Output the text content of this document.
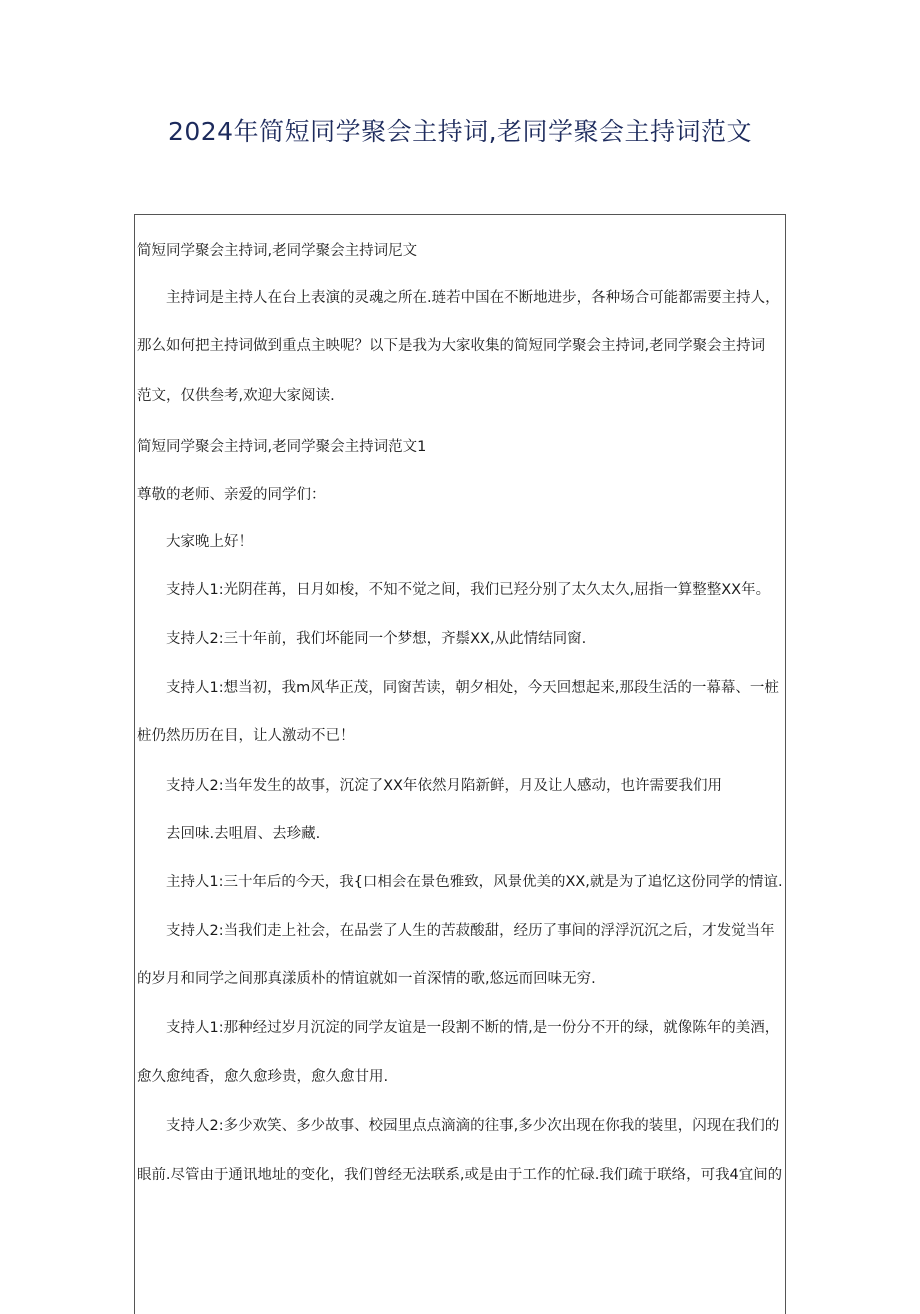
2024年简短同学聚会主持词,老同学聚会主持词范文
简短同学聚会主持词,老同学聚会主持词尼文
主持词是主持人在台上表演的灵魂之所在.琏若中国在不断地进步，各种场合可能都需要主持人，
那么如何把主持词做到重点主映呢？以下是我为大家收集的简短同学聚会主持词,老同学聚会主持词
范文，仅供叁考,欢迎大家阅读.
简短同学聚会主持词,老同学聚会主持词范文1
尊敬的老师、亲爱的同学们：
大家晚上好！
支持人1:光阴荏苒，日月如梭，不知不觉之间，我们已羟分别了太久太久,屈指一算整整XX年。
支持人2:三十年前，我们坏能同一个梦想，齐鬃XX,从此情结同窗.
支持人1:想当初，我m风华正茂，同窗苦读，朝夕相处，今天回想起来,那段生活的一幕幕、一桩
桩仍然历历在目，让人激动不已！
支持人2:当年发生的故事，沉淀了XX年依然月陷新鲜，月及让人感动，也许需要我们用
去回味.去咀眉、去珍藏.
主持人1:三十年后的今天，我{口相会在景色雅致，风景优美的XX,就是为了追忆这份同学的情谊.
支持人2:当我们走上社会，在品尝了人生的苦菽酸甜，经历了事间的浮浮沉沉之后，才发觉当年
的岁月和同学之间那真漾质朴的情谊就如一首深情的歌,悠远而回味无穷.
支持人1:那种经过岁月沉淀的同学友谊是一段割不断的情,是一份分不开的绿，就像陈年的美酒，
愈久愈纯香，愈久愈珍贵，愈久愈甘用.
支持人2:多少欢笑、多少故事、校园里点点滴滴的往事,多少次出现在你我的装里，闪现在我们的
眼前.尽管由于通讯地址的变化，我们曾经无法联系,或是由于工作的忙碌.我们疏于联络，可我4宜间的
